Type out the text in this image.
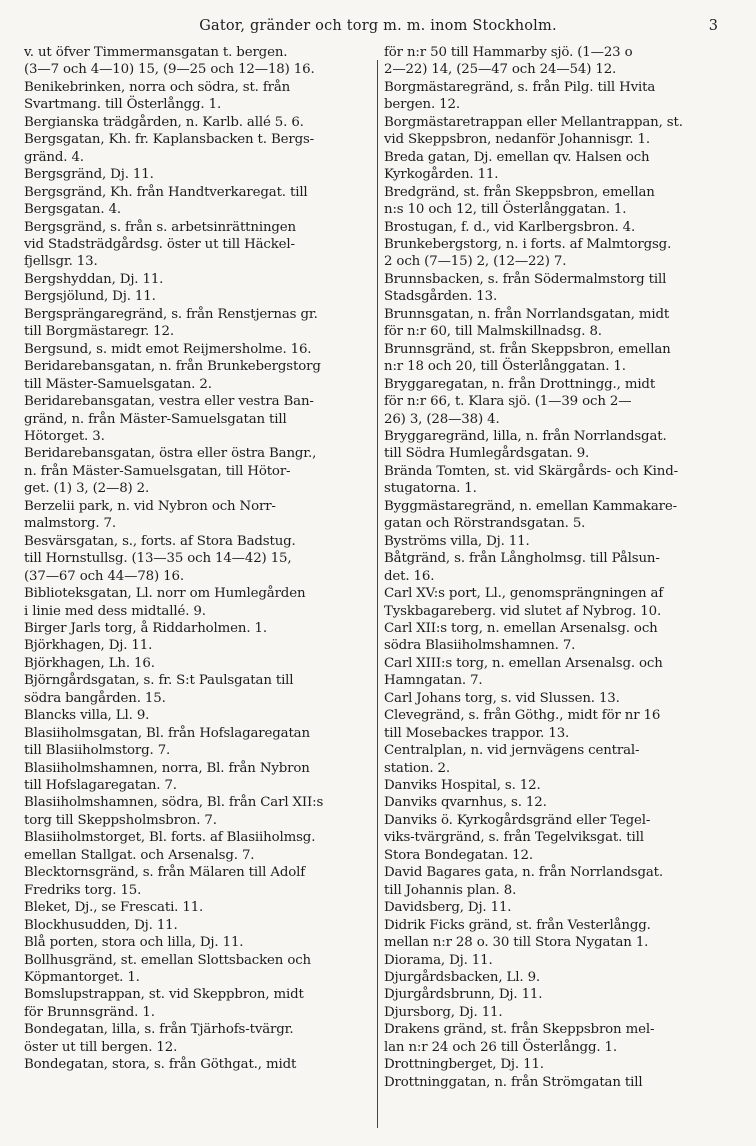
Gator, gränder och torg m. m. inom Stockholm.	3
v. ut öfver Timmermansgatan t. bergen.
(3—7 och 4—10) 15, (9—25 och 12—18) 16.
Benikebrinken, norra och södra, st. från
Svartmang. till Österlångg. 1.
Bergianska trädgården, n. Karlb. allé 5. 6.
Bergsgatan, Kh. fr. Kaplansbacken t. Bergs-
gränd. 4.
Bergsgränd, Dj. 11.
Bergsgränd, Kh. från Handtverkaregat. till
Bergsgatan. 4.
Bergsgränd, s. från s. arbetsinrättningen
vid Stadsträdgårdsg. öster ut till Häckel-
fjellsgr. 13.
Bergshyddan, Dj. 11.
Bergsjölund, Dj. 11.
Bergsprängaregränd, s. från Renstjernas gr.
till Borgmästaregr. 12.
Bergsund, s. midt emot Reijmersholme. 16.
Beridarebansgatan, n. från Brunkebergstorg
till Mäster-Samuelsgatan. 2.
Beridarebansgatan, vestra eller vestra Ban-
gränd, n. från Mäster-Samuelsgatan till
Hötorget. 3.
Beridarebansgatan, östra eller östra Bangr.,
n. från Mäster-Samuelsgatan, till Hötor-
get. (1) 3, (2—8) 2.
Berzelii park, n. vid Nybron och Norr-
malmstorg. 7.
Besvärsgatan, s., forts. af Stora Badstug.
till Hornstullsg. (13—35 och 14—42) 15,
(37—67 och 44—78) 16.
Biblioteksgatan, Ll. norr om Humlegården
i linie med dess midtallé. 9.
Birger Jarls torg, å Riddarholmen. 1.
Björkhagen, Dj. 11.
Björkhagen, Lh. 16.
Björngårdsgatan, s. fr. S:t Paulsgatan till
södra bangården. 15.
Blancks villa, Ll. 9.
Blasiiholmsgatan, Bl. från Hofslagaregatan
till Blasiiholmstorg. 7.
Blasiiholmshamnen, norra, Bl. från Nybron
till Hofslagaregatan. 7.
Blasiiholmshamnen, södra, Bl. från Carl XII:s
torg till Skeppsholmsbron. 7.
Blasiiholmstorget, Bl. forts. af Blasiiholmsg.
emellan Stallgat. och Arsenalsg. 7.
Blecktornsgränd, s. från Mälaren till Adolf
Fredriks torg. 15.
Bleket, Dj., se Frescati. 11.
Blockhusudden, Dj. 11.
Blå porten, stora och lilla, Dj. 11.
Bollhusgränd, st. emellan Slottsbacken och
Köpmantorget. 1.
Bomslupstrappan, st. vid Skeppbron, midt
för Brunnsgränd. 1.
Bondegatan, lilla, s. från Tjärhofs-tvärgr.
öster ut till bergen. 12.
Bondegatan, stora, s. från Göthgat., midt
för n:r 50 till Hammarby sjö. (1—23 o
2—22) 14, (25—47 och 24—54) 12.
Borgmästaregränd, s. från Pilg. till Hvita
bergen. 12.
Borgmästaretrappan eller Mellantrappan, st.
vid Skeppsbron, nedanför Johannisgr. 1.
Breda gatan, Dj. emellan qv. Halsen och
Kyrkogården. 11.
Bredgränd, st. från Skeppsbron, emellan
n:s 10 och 12, till Österlånggatan. 1.
Brostugan, f. d., vid Karlbergsbron. 4.
Brunkebergstorg, n. i forts. af Malmtorgsg.
2 och (7—15) 2, (12—22) 7.
Brunnsbacken, s. från Södermalmstorg till
Stadsgården. 13.
Brunnsgatan, n. från Norrlandsgatan, midt
för n:r 60, till Malmskillnadsg. 8.
Brunnsgränd, st. från Skeppsbron, emellan
n:r 18 och 20, till Österlånggatan. 1.
Bryggaregatan, n. från Drottningg., midt
för n:r 66, t. Klara sjö. (1—39 och 2—
26) 3, (28—38) 4.
Bryggaregränd, lilla, n. från Norrlandsgat.
till Södra Humlegårdsgatan. 9.
Brända Tomten, st. vid Skärgårds- och Kind-
stugatorna. 1.
Byggmästaregränd, n. emellan Kammakare-
gatan och Rörstrandsgatan. 5.
Byströms villa, Dj. 11.
Båtgränd, s. från Långholmsg. till Pålsun-
det. 16.
Carl XV:s port, Ll., genomsprängningen af
Tyskbagareberg. vid slutet af Nybrog. 10.
Carl XII:s torg, n. emellan Arsenalsg. och
södra Blasiiholmshamnen. 7.
Carl XIII:s torg, n. emellan Arsenalsg. och
Hamngatan. 7.
Carl Johans torg, s. vid Slussen. 13.
Clevegränd, s. från Göthg., midt för nr 16
till Mosebackes trappor. 13.
Centralplan, n. vid jernvägens central-
station. 2.
Danviks Hospital, s. 12.
Danviks qvarnhus, s. 12.
Danviks ö. Kyrkogårdsgränd eller Tegel-
viks-tvärgränd, s. från Tegelviksgat. till
Stora Bondegatan. 12.
David Bagares gata, n. från Norrlandsgat.
till Johannis plan. 8.
Davidsberg, Dj. 11.
Didrik Ficks gränd, st. från Vesterlångg.
mellan n:r 28 o. 30 till Stora Nygatan 1.
Diorama, Dj. 11.
Djurgårdsbacken, Ll. 9.
Djurgårdsbrunn, Dj. 11.
Djursborg, Dj. 11.
Drakens gränd, st. från Skeppsbron mel-
lan n:r 24 och 26 till Österlångg. 1.
Drottningberget, Dj. 11.
Drottninggatan, n. från Strömgatan till
